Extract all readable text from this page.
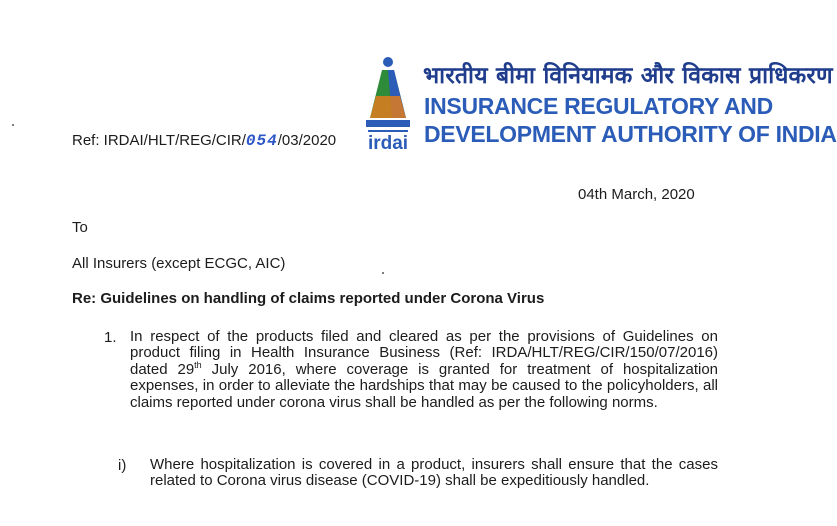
irdai
भारतीय बीमा विनियामक और विकास प्राधिकरण
INSURANCE REGULATORY AND
DEVELOPMENT AUTHORITY OF INDIA
Ref: IRDAI/HLT/REG/CIR/054/03/2020
04th March, 2020
To
All Insurers (except ECGC, AIC)
Re: Guidelines on handling of claims reported under Corona Virus
1. In respect of the products filed and cleared as per the provisions of Guidelines on product filing in Health Insurance Business (Ref: IRDA/HLT/REG/CIR/150/07/2016) dated 29th July 2016, where coverage is granted for treatment of hospitalization expenses, in order to alleviate the hardships that may be caused to the policyholders, all claims reported under corona virus shall be handled as per the following norms.
i) Where hospitalization is covered in a product, insurers shall ensure that the cases related to Corona virus disease (COVID-19) shall be expeditiously handled.
